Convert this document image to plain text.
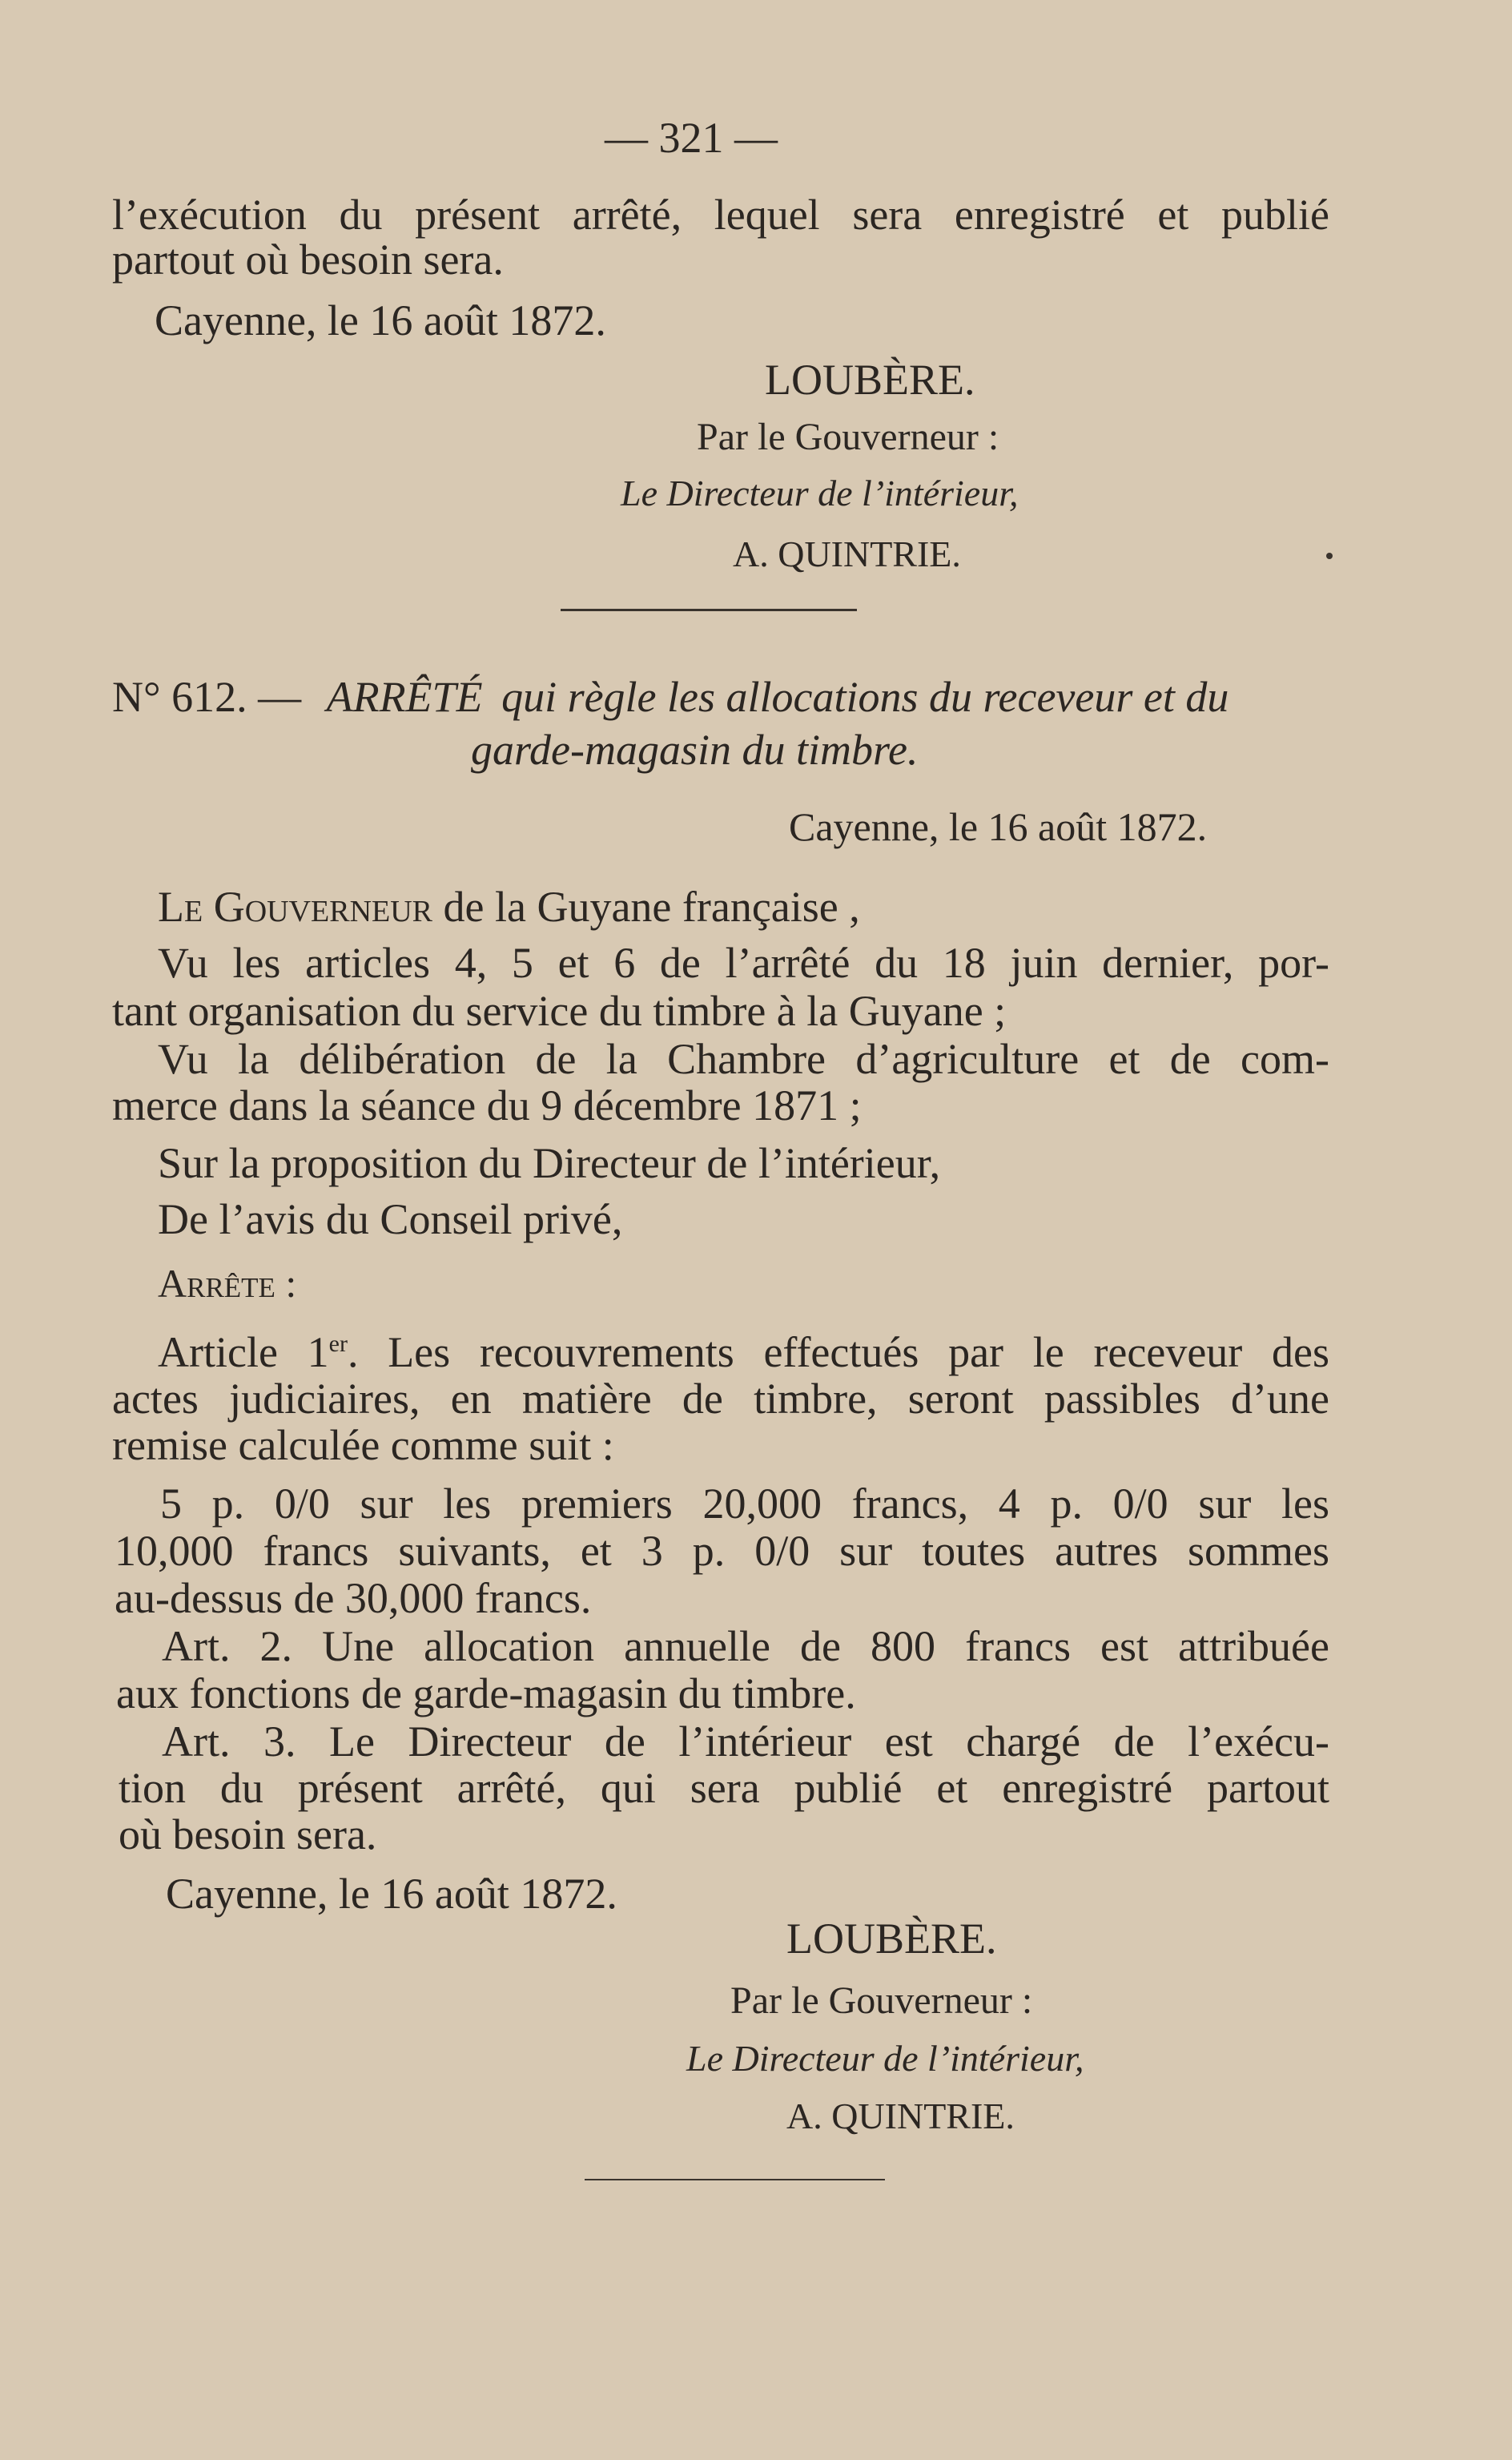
— 321 —
l’exécution du présent arrêté, lequel sera enregistré et publié
partout où besoin sera.
Cayenne, le 16 août 1872.
LOUBÈRE.
Par le Gouverneur :
Le Directeur de l’intérieur,
A. QUINTRIE.
N° 612. — ARRÊTÉ qui règle les allocations du receveur et du
garde-magasin du timbre.
Cayenne, le 16 août 1872.
Le Gouverneur de la Guyane française ,
Vu les articles 4, 5 et 6 de l’arrêté du 18 juin dernier, por-
tant organisation du service du timbre à la Guyane ;
Vu la délibération de la Chambre d’agriculture et de com-
merce dans la séance du 9 décembre 1871 ;
Sur la proposition du Directeur de l’intérieur,
De l’avis du Conseil privé,
Arrête :
Article 1er. Les recouvrements effectués par le receveur des
actes judiciaires, en matière de timbre, seront passibles d’une
remise calculée comme suit :
5 p. 0/0 sur les premiers 20,000 francs, 4 p. 0/0 sur les
10,000 francs suivants, et 3 p. 0/0 sur toutes autres sommes
au-dessus de 30,000 francs.
Art. 2. Une allocation annuelle de 800 francs est attribuée
aux fonctions de garde-magasin du timbre.
Art. 3. Le Directeur de l’intérieur est chargé de l’exécu-
tion du présent arrêté, qui sera publié et enregistré partout
où besoin sera.
Cayenne, le 16 août 1872.
LOUBÈRE.
Par le Gouverneur :
Le Directeur de l’intérieur,
A. QUINTRIE.
